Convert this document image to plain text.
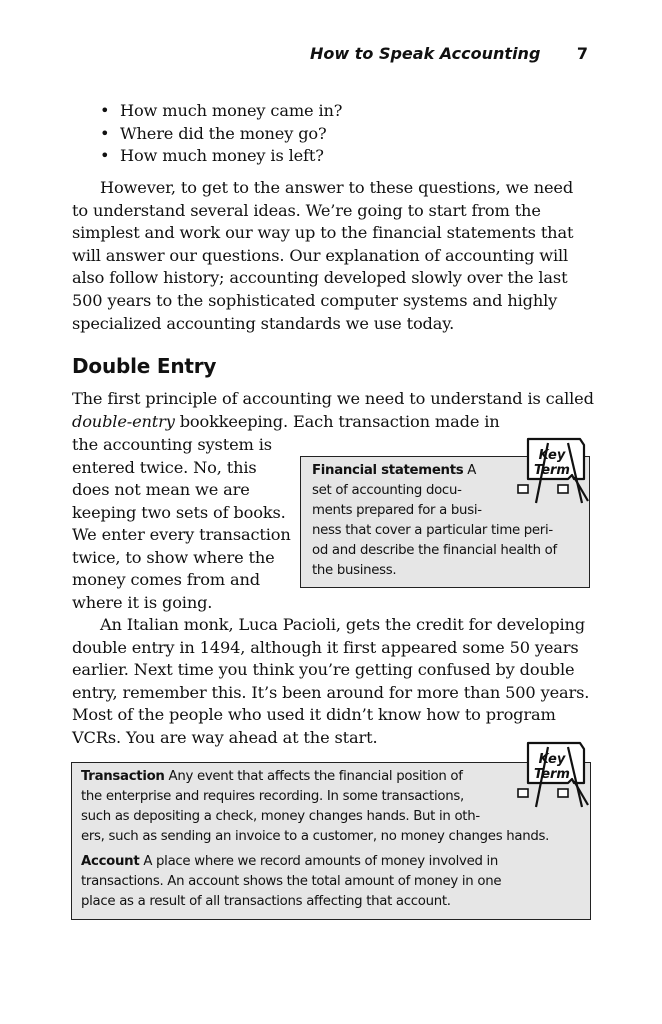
How to Speak Accounting 7
• How much money came in?
• Where did the money go?
• How much money is left?

However, to get to the answer to these questions, we need to understand several ideas. We’re going to start from the simplest and work our way up to the financial statements that will answer our questions. Our explanation of accounting will also follow history; accounting developed slowly over the last 500 years to the sophisticated computer systems and highly specialized accounting standards we use today.

Double Entry

The first principle of accounting we need to understand is called

double-entry bookkeeping. Each transaction made in

the accounting system is

entered twice. No, this

does not mean we are

keeping two sets of books.

We enter every transaction

twice, to show where the

money comes from and

where it is going.

An Italian monk, Luca Pacioli, gets the credit for developing double entry in 1494, although it first appeared some 50 years earlier. Next time you think you’re getting confused by double entry, remember this. It’s been around for more than 500 years. Most of the people who used it didn’t know how to program VCRs. You are way ahead at the start.

Financial statements A

set of accounting docu-

ments prepared for a busi-

ness that cover a particular time peri-

od and describe the financial health of

the business.

Transaction Any event that affects the financial position of

the enterprise and requires recording. In some transactions,

such as depositing a check, money changes hands. But in oth-

ers, such as sending an invoice to a customer, no money changes hands.

Account A place where we record amounts of money involved in

transactions. An account shows the total amount of money in one

place as a result of all transactions affecting that account.

Key
Term
Key
Term
